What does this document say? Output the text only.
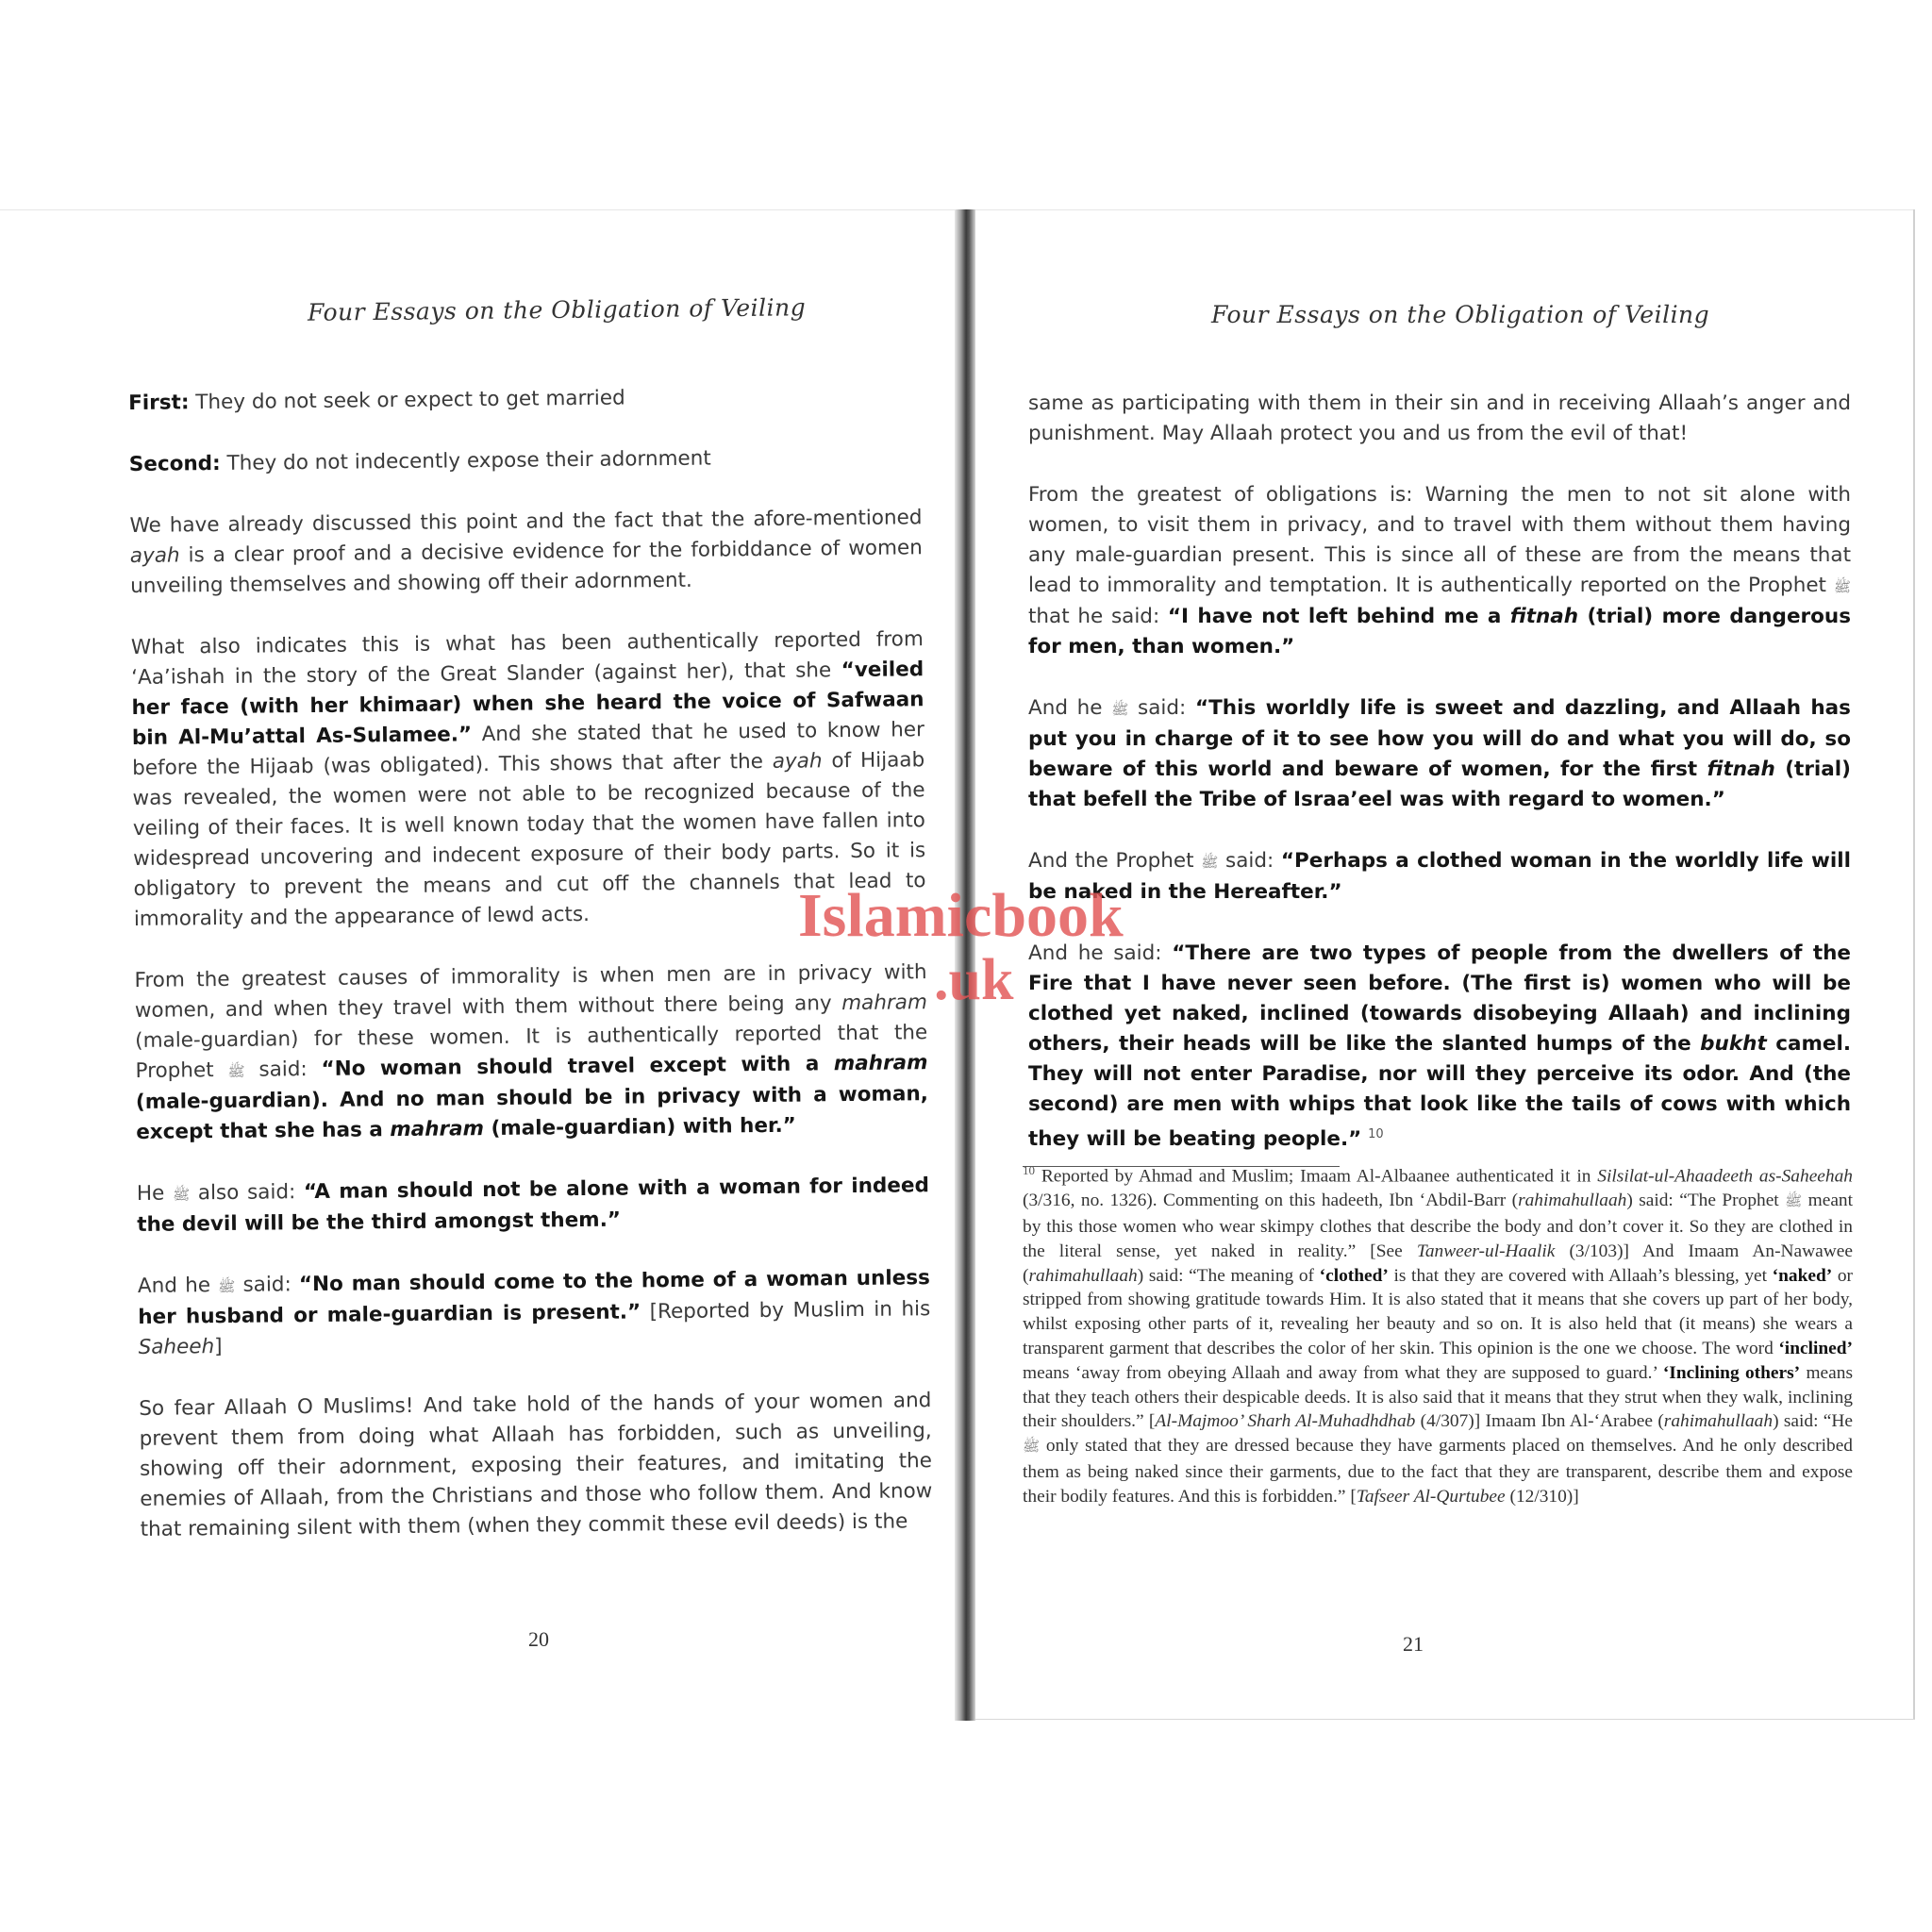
Four Essays on the Obligation of Veiling

First: They do not seek or expect to get married

Second: They do not indecently expose their adornment

We have already discussed this point and the fact that the afore-mentioned ayah is a clear proof and a decisive evidence for the forbiddance of women unveiling themselves and showing off their adornment.

What also indicates this is what has been authentically reported from ‘Aa’ishah in the story of the Great Slander (against her), that she “veiled her face (with her khimaar) when she heard the voice of Safwaan bin Al-Mu’attal As-Sulamee.” And she stated that he used to know her before the Hijaab (was obligated). This shows that after the ayah of Hijaab was revealed, the women were not able to be recognized because of the veiling of their faces. It is well known today that the women have fallen into widespread uncovering and indecent exposure of their body parts. So it is obligatory to prevent the means and cut off the channels that lead to immorality and the appearance of lewd acts.

From the greatest causes of immorality is when men are in privacy with women, and when they travel with them without there being any mahram (male-guardian) for these women. It is authentically reported that the Prophet ﷺ said: “No woman should travel except with a mahram (male-guardian). And no man should be in privacy with a woman, except that she has a mahram (male-guardian) with her.”

He ﷺ also said: “A man should not be alone with a woman for indeed the devil will be the third amongst them.”

And he ﷺ said: “No man should come to the home of a woman unless her husband or male-guardian is present.” [Reported by Muslim in his Saheeh]

So fear Allaah O Muslims! And take hold of the hands of your women and prevent them from doing what Allaah has forbidden, such as unveiling, showing off their adornment, exposing their features, and imitating the enemies of Allaah, from the Christians and those who follow them. And know that remaining silent with them (when they commit these evil deeds) is the

20
Four Essays on the Obligation of Veiling

same as participating with them in their sin and in receiving Allaah’s anger and punishment. May Allaah protect you and us from the evil of that!

From the greatest of obligations is: Warning the men to not sit alone with women, to visit them in privacy, and to travel with them without them having any male-guardian present. This is since all of these are from the means that lead to immorality and temptation. It is authentically reported on the Prophet ﷺ that he said: “I have not left behind me a fitnah (trial) more dangerous for men, than women.”

And he ﷺ said: “This worldly life is sweet and dazzling, and Allaah has put you in charge of it to see how you will do and what you will do, so beware of this world and beware of women, for the first fitnah (trial) that befell the Tribe of Israa’eel was with regard to women.”

And the Prophet ﷺ said: “Perhaps a clothed woman in the worldly life will be naked in the Hereafter.”

And he said: “There are two types of people from the dwellers of the Fire that I have never seen before. (The first is) women who will be clothed yet naked, inclined (towards disobeying Allaah) and inclining others, their heads will be like the slanted humps of the bukht camel. They will not enter Paradise, nor will they perceive its odor. And (the second) are men with whips that look like the tails of cows with which they will be beating people.” $^{10}$

$^{10}$ Reported by Ahmad and Muslim; Imaam Al-Albaanee authenticated it in Silsilat-ul-Ahaadeeth as-Saheehah (3/316, no. 1326). Commenting on this hadeeth, Ibn ‘Abdil-Barr (rahimahullaah) said: “The Prophet ﷺ meant by this those women who wear skimpy clothes that describe the body and don’t cover it. So they are clothed in the literal sense, yet naked in reality.” [See Tanweer-ul-Haalik (3/103)] And Imaam An-Nawawee (rahimahullaah) said: “The meaning of ‘clothed’ is that they are covered with Allaah’s blessing, yet ‘naked’ or stripped from showing gratitude towards Him. It is also stated that it means that she covers up part of her body, whilst exposing other parts of it, revealing her beauty and so on. It is also held that (it means) she wears a transparent garment that describes the color of her skin. This opinion is the one we choose. The word ‘inclined’ means ‘away from obeying Allaah and away from what they are supposed to guard.’ ‘Inclining others’ means that they teach others their despicable deeds. It is also said that it means that they strut when they walk, inclining their shoulders.” [Al-Majmoo’ Sharh Al-Muhadhdhab (4/307)] Imaam Ibn Al-‘Arabee (rahimahullaah) said: “He ﷺ only stated that they are dressed because they have garments placed on themselves. And he only described them as being naked since their garments, due to the fact that they are transparent, describe them and expose their bodily features. And this is forbidden.” [Tafseer Al-Qurtubee (12/310)]
21
Islamicbook
.uk
